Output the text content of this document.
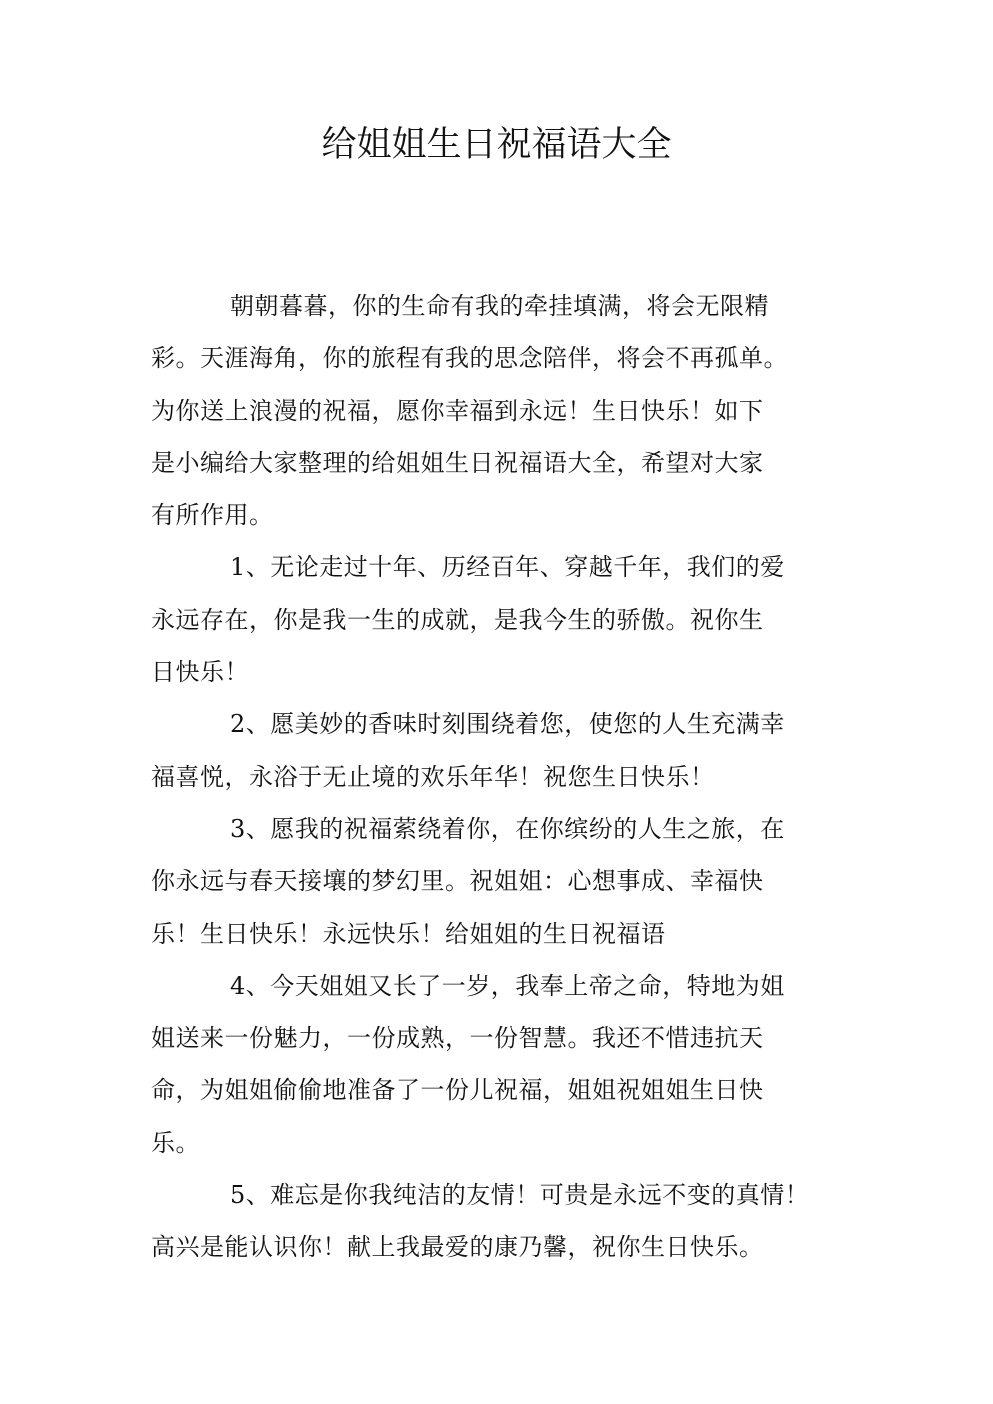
给姐姐生日祝福语大全
朝朝暮暮，你的生命有我的牵挂填满，将会无限精
彩。天涯海角，你的旅程有我的思念陪伴，将会不再孤单。
为你送上浪漫的祝福，愿你幸福到永远！生日快乐！如下
是小编给大家整理的给姐姐生日祝福语大全，希望对大家
有所作用。
1、无论走过十年、历经百年、穿越千年，我们的爱
永远存在，你是我一生的成就，是我今生的骄傲。祝你生
日快乐！
2、愿美妙的香味时刻围绕着您，使您的人生充满幸
福喜悦，永浴于无止境的欢乐年华！祝您生日快乐！
3、愿我的祝福萦绕着你，在你缤纷的人生之旅，在
你永远与春天接壤的梦幻里。祝姐姐：心想事成、幸福快
乐！生日快乐！永远快乐！给姐姐的生日祝福语
4、今天姐姐又长了一岁，我奉上帝之命，特地为姐
姐送来一份魅力，一份成熟，一份智慧。我还不惜违抗天
命，为姐姐偷偷地准备了一份儿祝福，姐姐祝姐姐生日快
乐。
5、难忘是你我纯洁的友情！可贵是永远不变的真情！
高兴是能认识你！献上我最爱的康乃馨，祝你生日快乐。
